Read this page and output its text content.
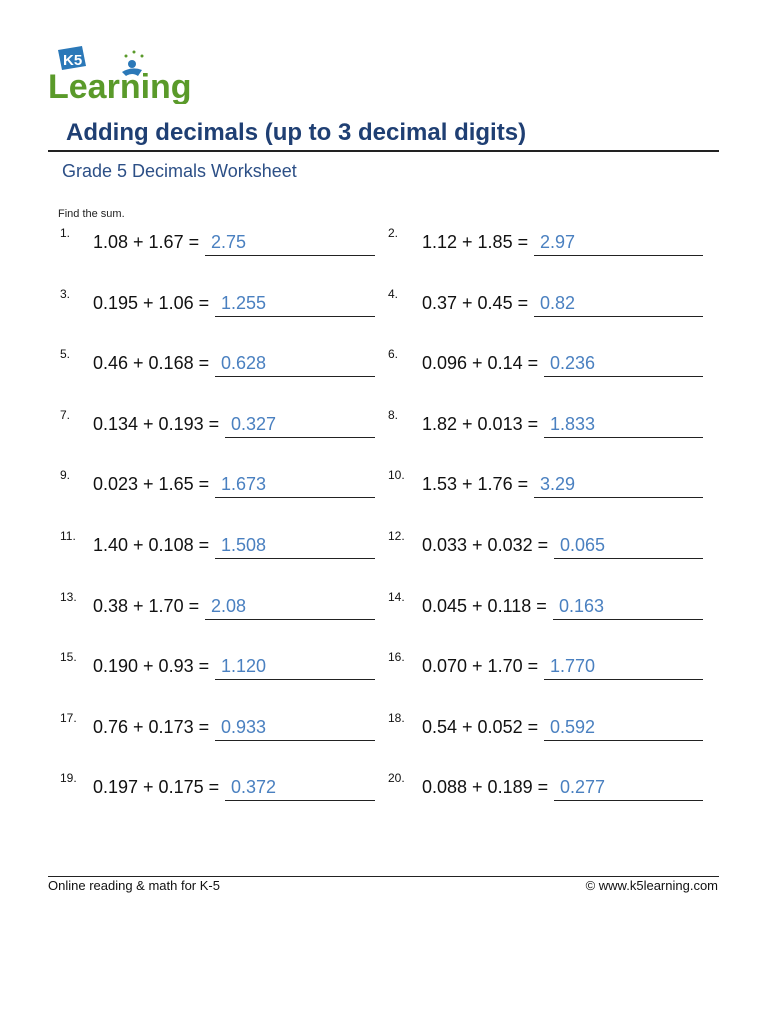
K5
Learning
Adding decimals (up to 3 decimal digits)
Grade 5 Decimals Worksheet
Find the sum.
1. 1.08 + 1.67 = 2.75	2. 1.12 + 1.85 = 2.97
3. 0.195 + 1.06 = 1.255	4. 0.37 + 0.45 = 0.82
5. 0.46 + 0.168 = 0.628	6. 0.096 + 0.14 = 0.236
7. 0.134 + 0.193 = 0.327	8. 1.82 + 0.013 = 1.833
9. 0.023 + 1.65 = 1.673	10. 1.53 + 1.76 = 3.29
11. 1.40 + 0.108 = 1.508	12. 0.033 + 0.032 = 0.065
13. 0.38 + 1.70 = 2.08	14. 0.045 + 0.118 = 0.163
15. 0.190 + 0.93 = 1.120	16. 0.070 + 1.70 = 1.770
17. 0.76 + 0.173 = 0.933	18. 0.54 + 0.052 = 0.592
19. 0.197 + 0.175 = 0.372	20. 0.088 + 0.189 = 0.277
Online reading & math for K-5	© www.k5learning.com
